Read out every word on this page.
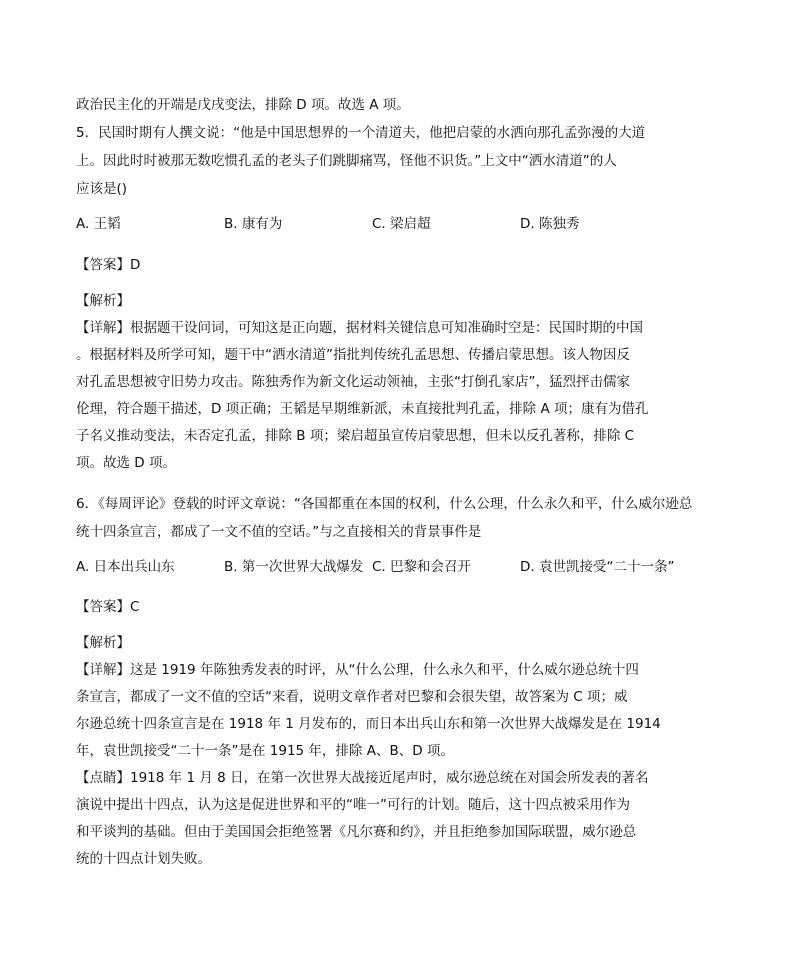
政治民主化的开端是戊戌变法，排除 D 项。故选 A 项。
5．民国时期有人撰文说：“他是中国思想界的一个清道夫，他把启蒙的水洒向那孔孟弥漫的大道
上。因此时时被那无数吃惯孔孟的老头子们跳脚痛骂，怪他不识货。”上文中“洒水清道”的人
应该是()
A. 王韬	B. 康有为	C. 梁启超	D. 陈独秀
【答案】D
【解析】
【详解】根据题干设问词，可知这是正向题，据材料关键信息可知准确时空是：民国时期的中国
。根据材料及所学可知，题干中“洒水清道”指批判传统孔孟思想、传播启蒙思想。该人物因反
对孔孟思想被守旧势力攻击。陈独秀作为新文化运动领袖，主张“打倒孔家店”，猛烈抨击儒家
伦理，符合题干描述，D 项正确；王韬是早期维新派，未直接批判孔孟，排除 A 项；康有为借孔
子名义推动变法，未否定孔孟，排除 B 项；梁启超虽宣传启蒙思想，但未以反孔著称，排除 C
项。故选 D 项。
6．《每周评论》登载的时评文章说：“各国都重在本国的权利，什么公理，什么永久和平，什么威尔逊总
统十四条宣言，都成了一文不值的空话。”与之直接相关的背景事件是
A. 日本出兵山东	B. 第一次世界大战爆发 C. 巴黎和会召开	D. 袁世凯接受“二十一条”
【答案】C
【解析】
【详解】这是 1919 年陈独秀发表的时评，从“什么公理，什么永久和平，什么威尔逊总统十四
条宣言，都成了一文不值的空话“来看，说明文章作者对巴黎和会很失望，故答案为 C 项；威
尔逊总统十四条宣言是在 1918 年 1 月发布的，而日本出兵山东和第一次世界大战爆发是在 1914
年，袁世凯接受“二十一条”是在 1915 年，排除 A、B、D 项。
【点睛】1918 年 1 月 8 日，在第一次世界大战接近尾声时，威尔逊总统在对国会所发表的著名
演说中提出十四点，认为这是促进世界和平的“唯一”可行的计划。随后，这十四点被采用作为
和平谈判的基础。但由于美国国会拒绝签署《凡尔赛和约》，并且拒绝参加国际联盟，威尔逊总
统的十四点计划失败。
